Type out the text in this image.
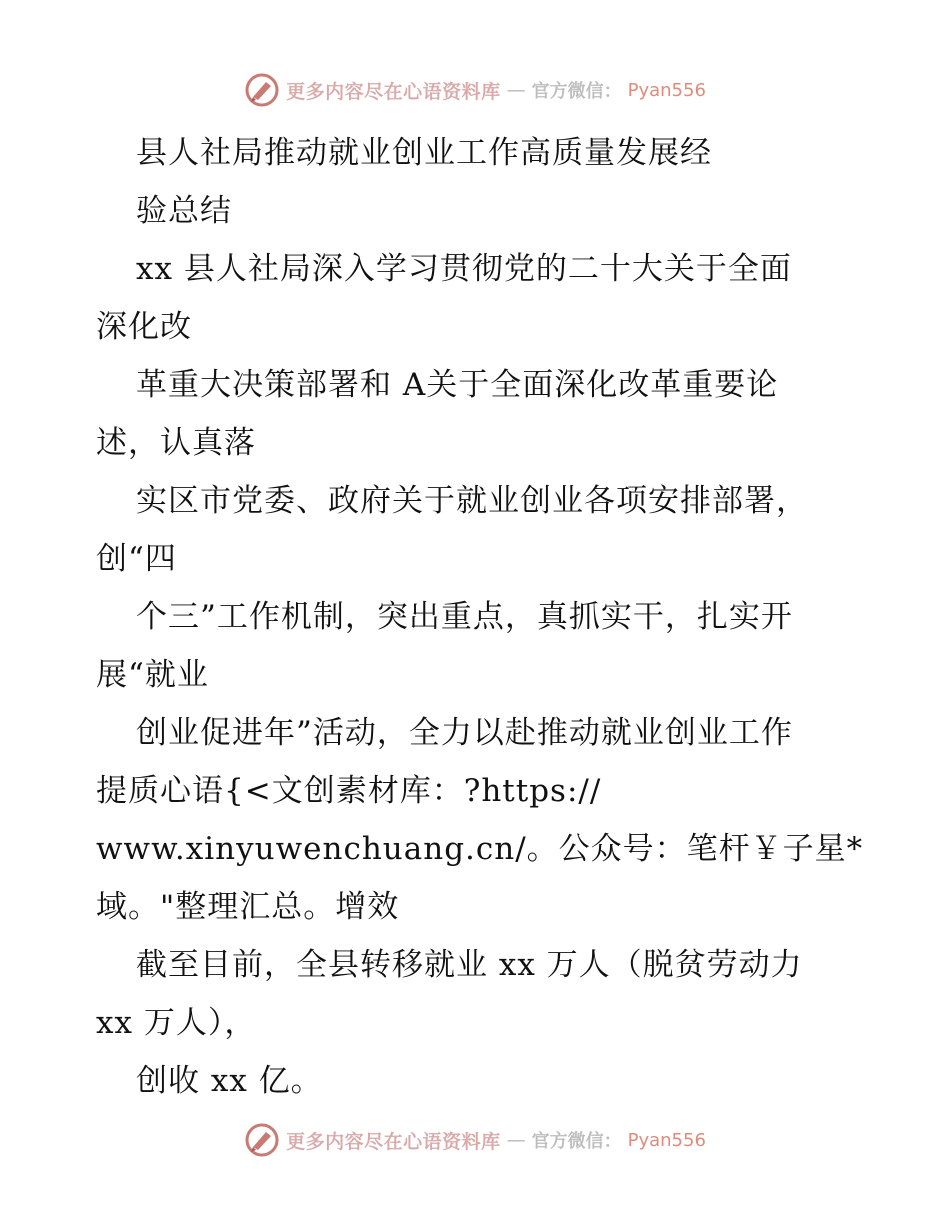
更多内容尽在心语资料库 — 官方微信： Pyan556
县人社局推动就业创业工作高质量发展经
验总结
xx 县人社局深入学习贯彻党的二十大关于全面
深化改
革重大决策部署和 A关于全面深化改革重要论
述，认真落
实区市党委、政府关于就业创业各项安排部署，
创“四
个三”工作机制，突出重点，真抓实干，扎实开
展“就业
创业促进年”活动，全力以赴推动就业创业工作
提质心语{<文创素材库：?https://
www.xinyuwenchuang.cn/。公众号：笔杆￥子星*
域。"整理汇总。增效
截至目前，全县转移就业 xx 万人（脱贫劳动力
xx 万人），
创收 xx 亿。
更多内容尽在心语资料库 — 官方微信： Pyan556
